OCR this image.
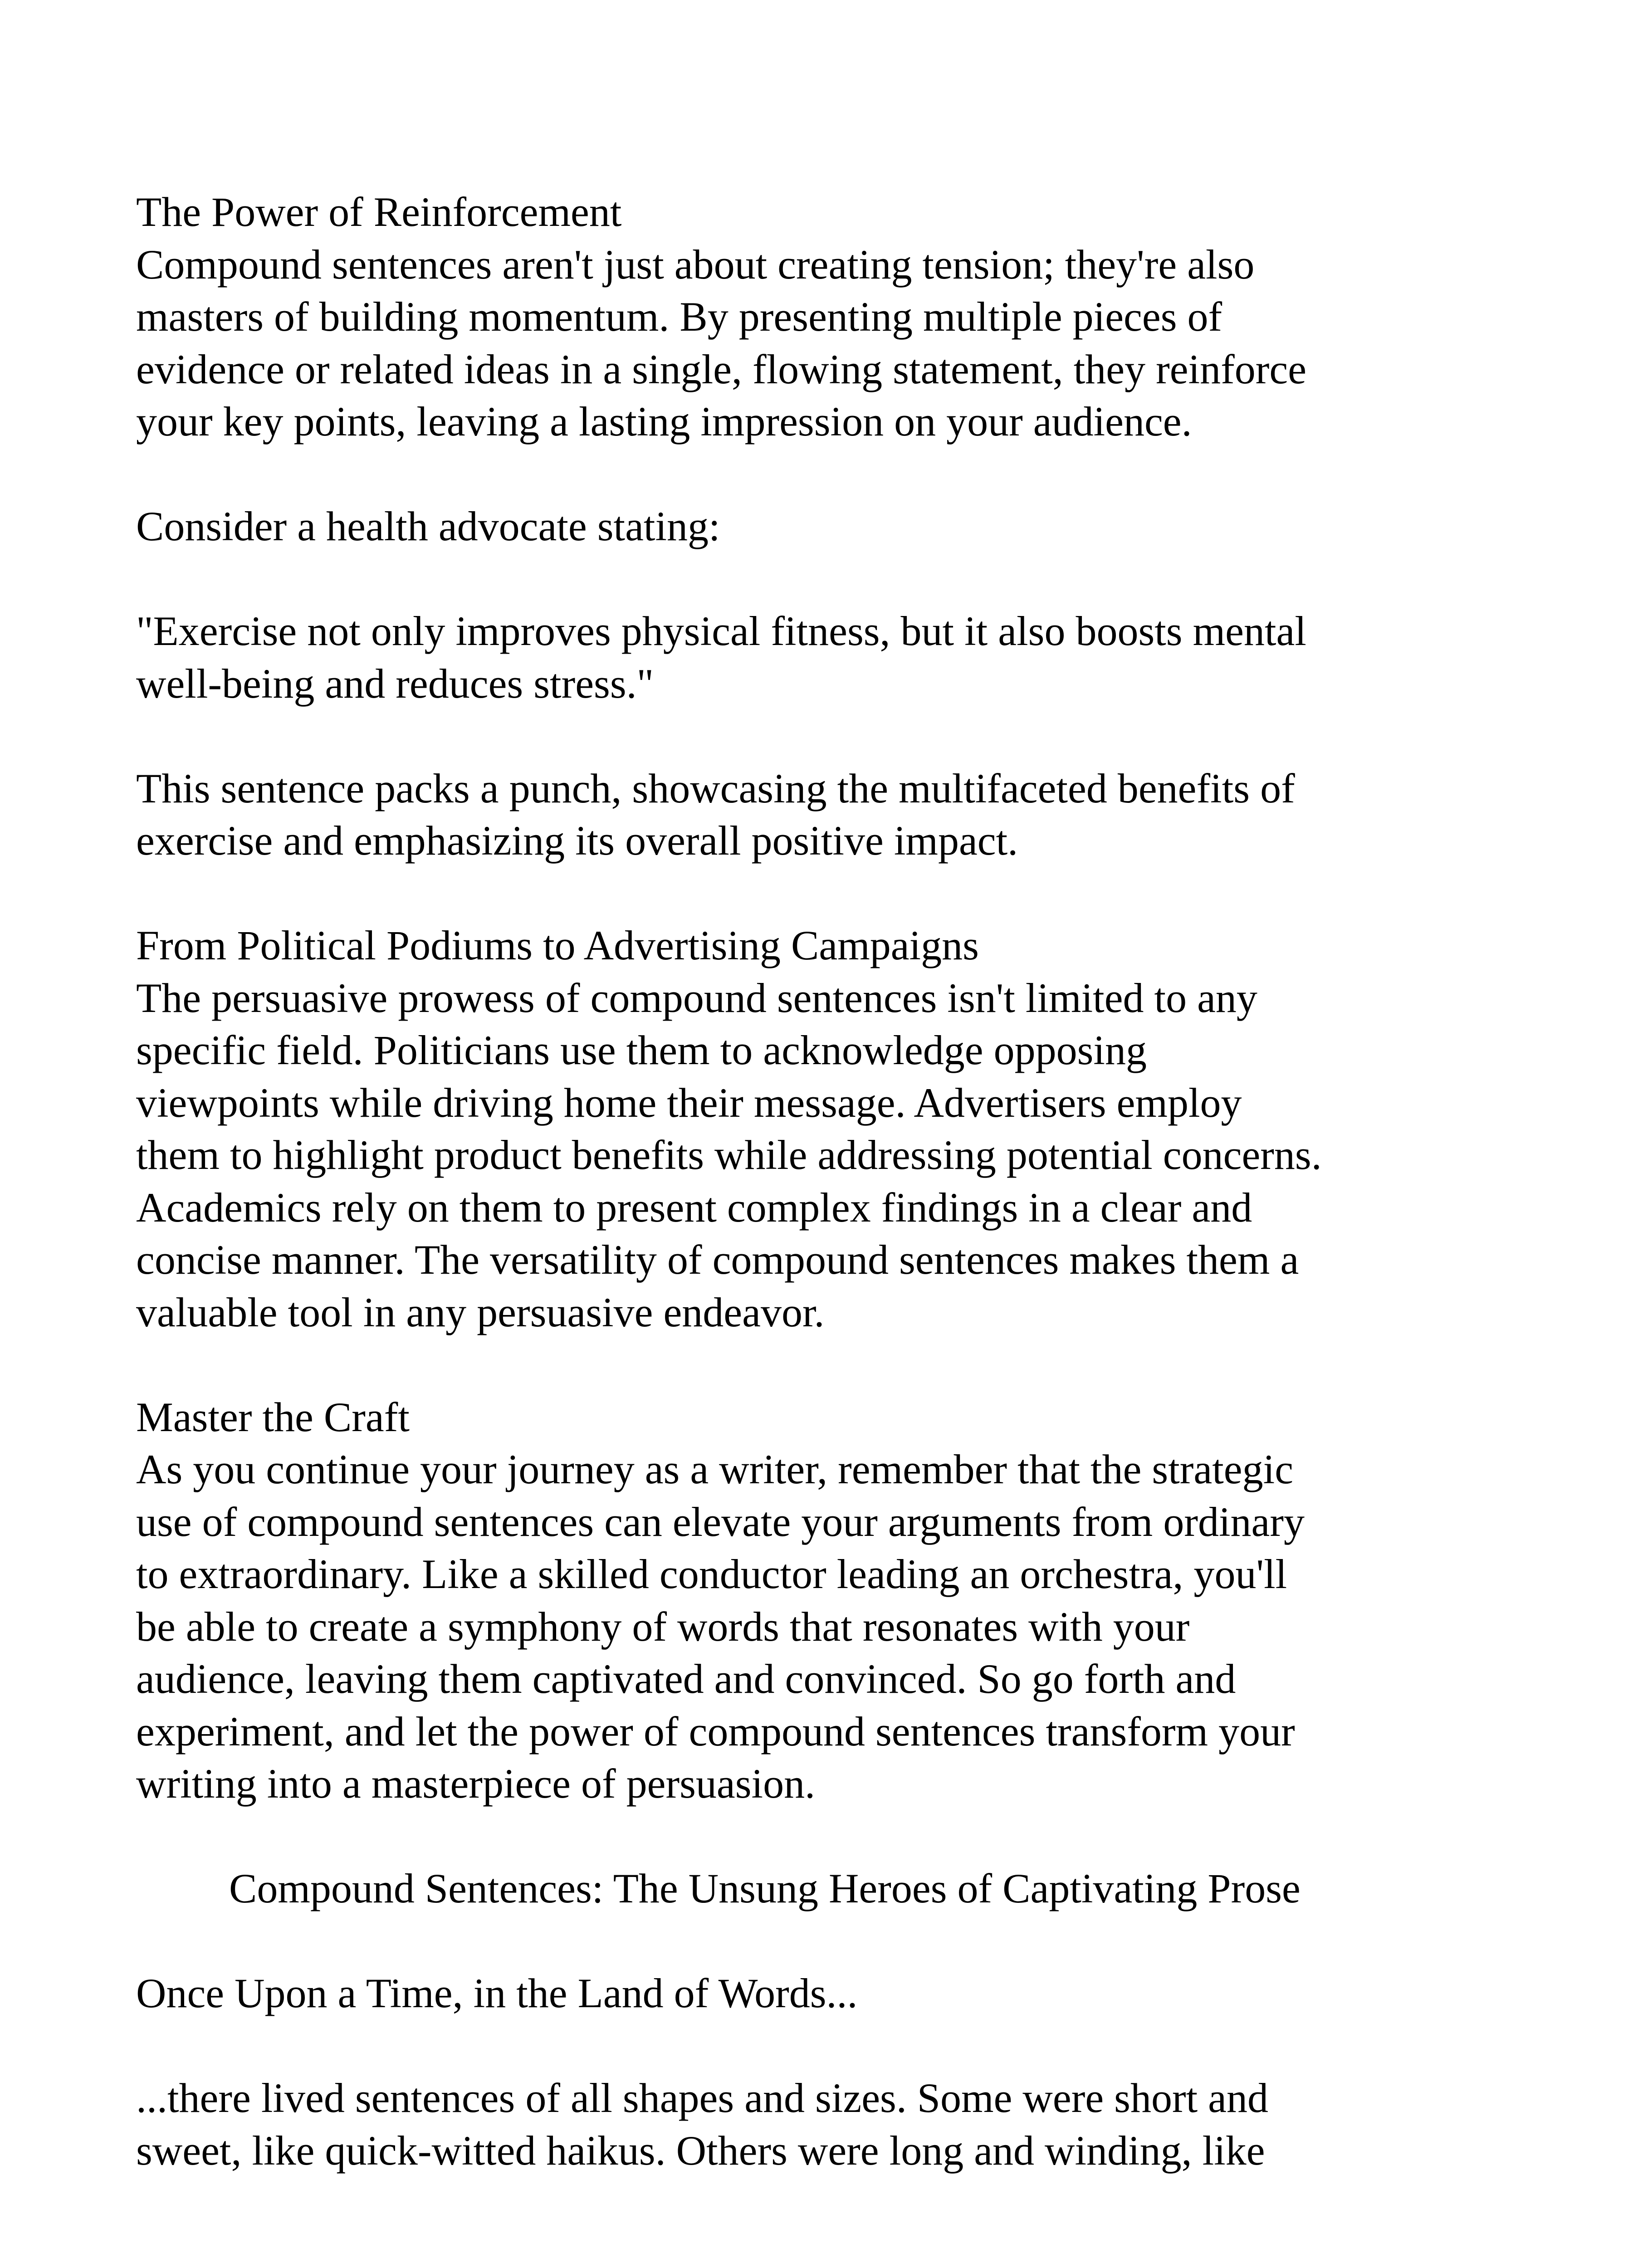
The Power of Reinforcement
Compound sentences aren't just about creating tension; they're also
masters of building momentum. By presenting multiple pieces of
evidence or related ideas in a single, flowing statement, they reinforce
your key points, leaving a lasting impression on your audience.
Consider a health advocate stating:
"Exercise not only improves physical fitness, but it also boosts mental
well-being and reduces stress."
This sentence packs a punch, showcasing the multifaceted benefits of
exercise and emphasizing its overall positive impact.
From Political Podiums to Advertising Campaigns
The persuasive prowess of compound sentences isn't limited to any
specific field. Politicians use them to acknowledge opposing
viewpoints while driving home their message. Advertisers employ
them to highlight product benefits while addressing potential concerns.
Academics rely on them to present complex findings in a clear and
concise manner. The versatility of compound sentences makes them a
valuable tool in any persuasive endeavor.
Master the Craft
As you continue your journey as a writer, remember that the strategic
use of compound sentences can elevate your arguments from ordinary
to extraordinary. Like a skilled conductor leading an orchestra, you'll
be able to create a symphony of words that resonates with your
audience, leaving them captivated and convinced. So go forth and
experiment, and let the power of compound sentences transform your
writing into a masterpiece of persuasion.
Compound Sentences: The Unsung Heroes of Captivating Prose
Once Upon a Time, in the Land of Words...
...there lived sentences of all shapes and sizes. Some were short and
sweet, like quick-witted haikus. Others were long and winding, like
